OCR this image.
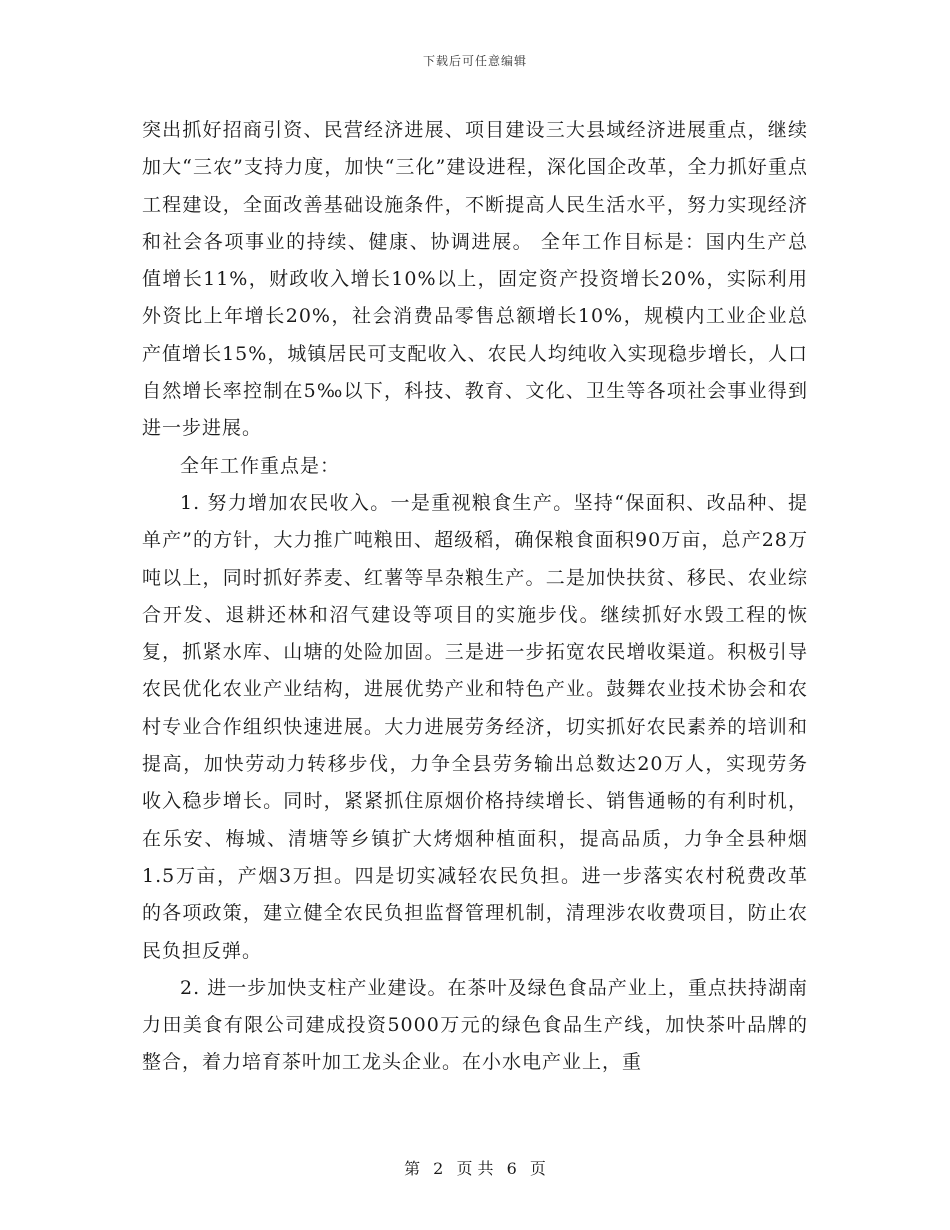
下载后可任意编辑

突出抓好招商引资、民营经济进展、项目建设三大县域经济进展重点，继续加大“三农”支持力度，加快“三化”建设进程，深化国企改革，全力抓好重点工程建设，全面改善基础设施条件，不断提高人民生活水平，努力实现经济和社会各项事业的持续、健康、协调进展。 全年工作目标是：国内生产总值增长11%，财政收入增长10%以上，固定资产投资增长20%，实际利用外资比上年增长20%，社会消费品零售总额增长10%，规模内工业企业总产值增长15%，城镇居民可支配收入、农民人均纯收入实现稳步增长，人口自然增长率控制在5‰以下，科技、教育、文化、卫生等各项社会事业得到进一步进展。

全年工作重点是：

1. 努力增加农民收入。一是重视粮食生产。坚持“保面积、改品种、提单产”的方针，大力推广吨粮田、超级稻，确保粮食面积90万亩，总产28万吨以上，同时抓好荞麦、红薯等旱杂粮生产。二是加快扶贫、移民、农业综合开发、退耕还林和沼气建设等项目的实施步伐。继续抓好水毁工程的恢复，抓紧水库、山塘的处险加固。三是进一步拓宽农民增收渠道。积极引导农民优化农业产业结构，进展优势产业和特色产业。鼓舞农业技术协会和农村专业合作组织快速进展。大力进展劳务经济，切实抓好农民素养的培训和提高，加快劳动力转移步伐，力争全县劳务输出总数达20万人，实现劳务收入稳步增长。同时，紧紧抓住原烟价格持续增长、销售通畅的有利时机，在乐安、梅城、清塘等乡镇扩大烤烟种植面积，提高品质，力争全县种烟1.5万亩，产烟3万担。四是切实减轻农民负担。进一步落实农村税费改革的各项政策，建立健全农民负担监督管理机制，清理涉农收费项目，防止农民负担反弹。

2. 进一步加快支柱产业建设。在茶叶及绿色食品产业上，重点扶持湖南力田美食有限公司建成投资5000万元的绿色食品生产线，加快茶叶品牌的整合，着力培育茶叶加工龙头企业。在小水电产业上，重

第 2 页 共 6 页
